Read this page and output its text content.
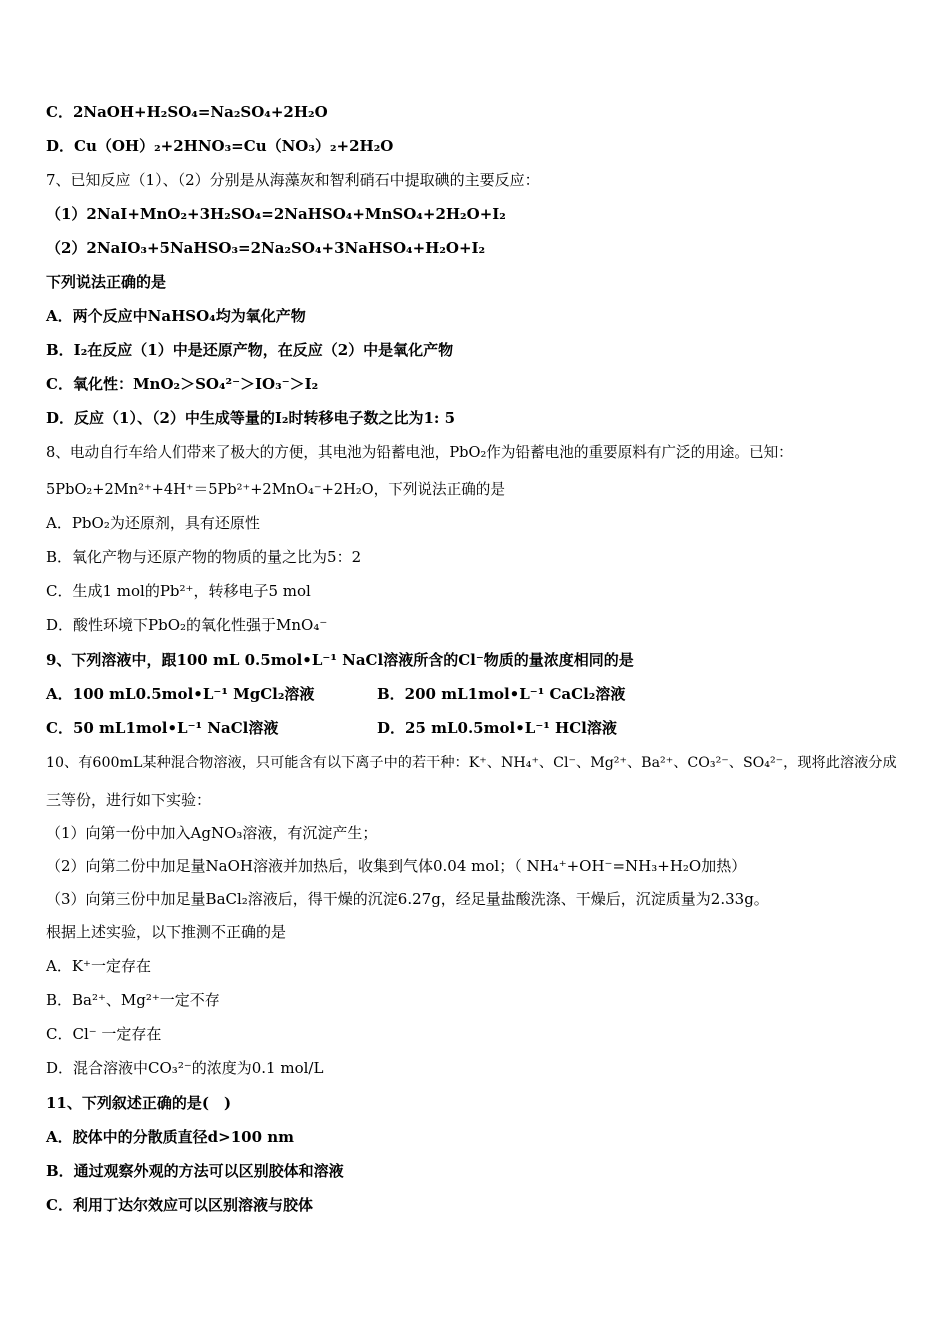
C．2NaOH+H₂SO₄=Na₂SO₄+2H₂O
D．Cu（OH）₂+2HNO₃=Cu（NO₃）₂+2H₂O
7、已知反应（1）、（2）分别是从海藻灰和智利硝石中提取碘的主要反应：
（1）2NaI+MnO₂+3H₂SO₄=2NaHSO₄+MnSO₄+2H₂O+I₂
（2）2NaIO₃+5NaHSO₃=2Na₂SO₄+3NaHSO₄+H₂O+I₂
下列说法正确的是
A．两个反应中NaHSO₄均为氧化产物
B．I₂在反应（1）中是还原产物，在反应（2）中是氧化产物
C．氧化性：MnO₂＞SO₄²⁻＞IO₃⁻＞I₂
D．反应（1）、（2）中生成等量的I₂时转移电子数之比为1: 5
8、电动自行车给人们带来了极大的方便，其电池为铅蓄电池，PbO₂作为铅蓄电池的重要原料有广泛的用途。已知：
5PbO₂+2Mn²⁺+4H⁺＝5Pb²⁺+2MnO₄⁻+2H₂O，下列说法正确的是
A．PbO₂为还原剂，具有还原性
B．氧化产物与还原产物的物质的量之比为5：2
C．生成1 mol的Pb²⁺，转移电子5 mol
D．酸性环境下PbO₂的氧化性强于MnO₄⁻
9、下列溶液中，跟100 mL 0.5mol•L⁻¹ NaCl溶液所含的Cl⁻物质的量浓度相同的是
A．100 mL0.5mol•L⁻¹ MgCl₂溶液	B．200 mL1mol•L⁻¹ CaCl₂溶液
C．50 mL1mol•L⁻¹ NaCl溶液	D．25 mL0.5mol•L⁻¹ HCl溶液
10、有600mL某种混合物溶液，只可能含有以下离子中的若干种：K⁺、NH₄⁺、Cl⁻、Mg²⁺、Ba²⁺、CO₃²⁻、SO₄²⁻，现将此溶液分成
三等份，进行如下实验：
（1）向第一份中加入AgNO₃溶液，有沉淀产生；
（2）向第二份中加足量NaOH溶液并加热后，收集到气体0.04 mol；（ NH₄⁺+OH⁻=NH₃+H₂O加热）
（3）向第三份中加足量BaCl₂溶液后，得干燥的沉淀6.27g，经足量盐酸洗涤、干燥后，沉淀质量为2.33g。
根据上述实验，以下推测不正确的是
A．K⁺一定存在
B．Ba²⁺、Mg²⁺一定不存
C．Cl⁻ 一定存在
D．混合溶液中CO₃²⁻的浓度为0.1 mol/L
11、下列叙述正确的是(　)
A．胶体中的分散质直径d>100 nm
B．通过观察外观的方法可以区别胶体和溶液
C．利用丁达尔效应可以区别溶液与胶体
